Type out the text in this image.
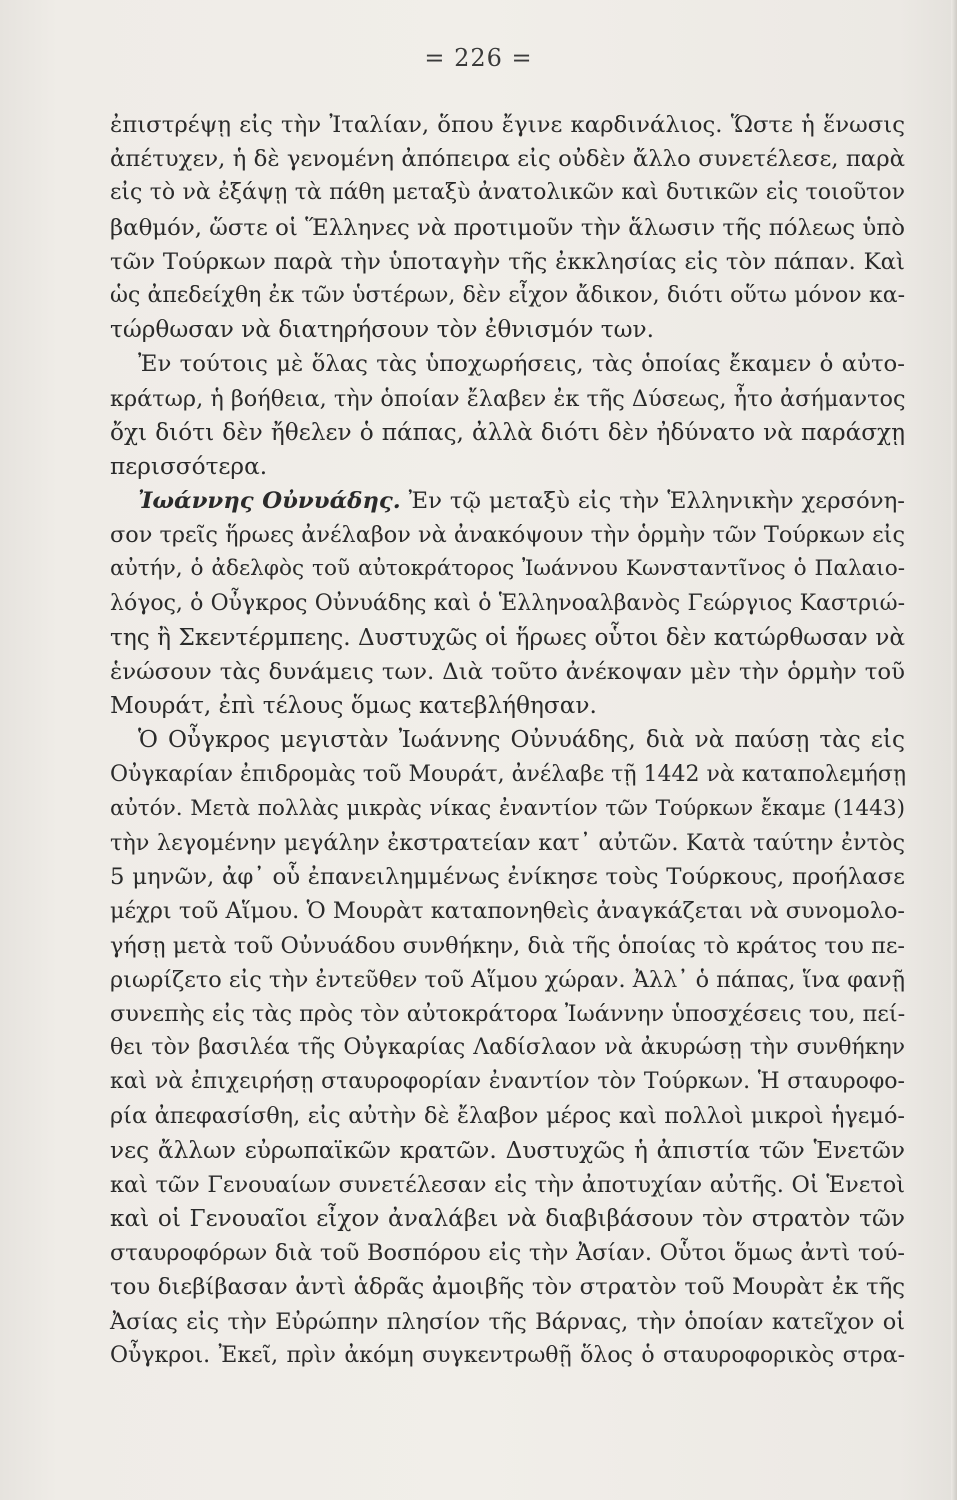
= 226 =
ἐπιστρέψῃ εἰς τὴν Ἰταλίαν, ὅπου ἔγινε καρδινάλιος. Ὥστε ἡ ἕνωσις
ἀπέτυχεν, ἡ δὲ γενομένη ἀπόπειρα εἰς οὐδὲν ἄλλο συνετέλεσε, παρὰ
εἰς τὸ νὰ ἐξάψῃ τὰ πάθη μεταξὺ ἀνατολικῶν καὶ δυτικῶν εἰς τοιοῦτον
βαθμόν, ὥστε οἱ Ἕλληνες νὰ προτιμοῦν τὴν ἅλωσιν τῆς πόλεως ὑπὸ
τῶν Τούρκων παρὰ τὴν ὑποταγὴν τῆς ἐκκλησίας εἰς τὸν πάπαν. Καὶ
ὡς ἀπεδείχθη ἐκ τῶν ὑστέρων, δὲν εἶχον ἄδικον, διότι οὕτω μόνον κα-
τώρθωσαν νὰ διατηρήσουν τὸν ἐθνισμόν των.
Ἐν τούτοις μὲ ὅλας τὰς ὑποχωρήσεις, τὰς ὁποίας ἔκαμεν ὁ αὐτο-
κράτωρ, ἡ βοήθεια, τὴν ὁποίαν ἔλαβεν ἐκ τῆς Δύσεως, ἦτο ἀσήμαντος
ὄχι διότι δὲν ἤθελεν ὁ πάπας, ἀλλὰ διότι δὲν ἠδύνατο νὰ παράσχῃ
περισσότερα.
Ἰωάννης Οὐνυάδης. Ἐν τῷ μεταξὺ εἰς τὴν Ἑλληνικὴν χερσόνη-
σον τρεῖς ἥρωες ἀνέλαβον νὰ ἀνακόψουν τὴν ὁρμὴν τῶν Τούρκων εἰς
αὐτήν, ὁ ἀδελφὸς τοῦ αὐτοκράτορος Ἰωάννου Κωνσταντῖνος ὁ Παλαιο-
λόγος, ὁ Οὖγκρος Οὐνυάδης καὶ ὁ Ἑλληνοαλβανὸς Γεώργιος Καστριώ-
της ἢ Σκεντέρμπεης. Δυστυχῶς οἱ ἥρωες οὗτοι δὲν κατώρθωσαν νὰ
ἑνώσουν τὰς δυνάμεις των. Διὰ τοῦτο ἀνέκοψαν μὲν τὴν ὁρμὴν τοῦ
Μουράτ, ἐπὶ τέλους ὅμως κατεβλήθησαν.
Ὁ Οὖγκρος μεγιστὰν Ἰωάννης Οὐνυάδης, διὰ νὰ παύσῃ τὰς εἰς
Οὐγκαρίαν ἐπιδρομὰς τοῦ Μουράτ, ἀνέλαβε τῇ 1442 νὰ καταπολεμήσῃ
αὐτόν. Μετὰ πολλὰς μικρὰς νίκας ἐναντίον τῶν Τούρκων ἔκαμε (1443)
τὴν λεγομένην μεγάλην ἐκστρατείαν κατ᾽ αὐτῶν. Κατὰ ταύτην ἐντὸς
5 μηνῶν, ἀφ᾽ οὗ ἐπανειλημμένως ἐνίκησε τοὺς Τούρκους, προήλασε
μέχρι τοῦ Αἵμου. Ὁ Μουρὰτ καταπονηθεὶς ἀναγκάζεται νὰ συνομολο-
γήσῃ μετὰ τοῦ Οὐνυάδου συνθήκην, διὰ τῆς ὁποίας τὸ κράτος του πε-
ριωρίζετο εἰς τὴν ἐντεῦθεν τοῦ Αἵμου χώραν. Ἀλλ᾽ ὁ πάπας, ἵνα φανῇ
συνεπὴς εἰς τὰς πρὸς τὸν αὐτοκράτορα Ἰωάννην ὑποσχέσεις του, πεί-
θει τὸν βασιλέα τῆς Οὐγκαρίας Λαδίσλαον νὰ ἀκυρώσῃ τὴν συνθήκην
καὶ νὰ ἐπιχειρήσῃ σταυροφορίαν ἐναντίον τὸν Τούρκων. Ἡ σταυροφο-
ρία ἀπεφασίσθη, εἰς αὐτὴν δὲ ἔλαβον μέρος καὶ πολλοὶ μικροὶ ἡγεμό-
νες ἄλλων εὐρωπαϊκῶν κρατῶν. Δυστυχῶς ἡ ἀπιστία τῶν Ἑνετῶν
καὶ τῶν Γενουαίων συνετέλεσαν εἰς τὴν ἀποτυχίαν αὐτῆς. Οἱ Ἑνετοὶ
καὶ οἱ Γενουαῖοι εἶχον ἀναλάβει νὰ διαβιβάσουν τὸν στρατὸν τῶν
σταυροφόρων διὰ τοῦ Βοσπόρου εἰς τὴν Ἀσίαν. Οὗτοι ὅμως ἀντὶ τού-
του διεβίβασαν ἀντὶ ἁδρᾶς ἀμοιβῆς τὸν στρατὸν τοῦ Μουρὰτ ἐκ τῆς
Ἀσίας εἰς τὴν Εὐρώπην πλησίον τῆς Βάρνας, τὴν ὁποίαν κατεῖχον οἱ
Οὖγκροι. Ἐκεῖ, πρὶν ἀκόμη συγκεντρωθῇ ὅλος ὁ σταυροφορικὸς στρα-
